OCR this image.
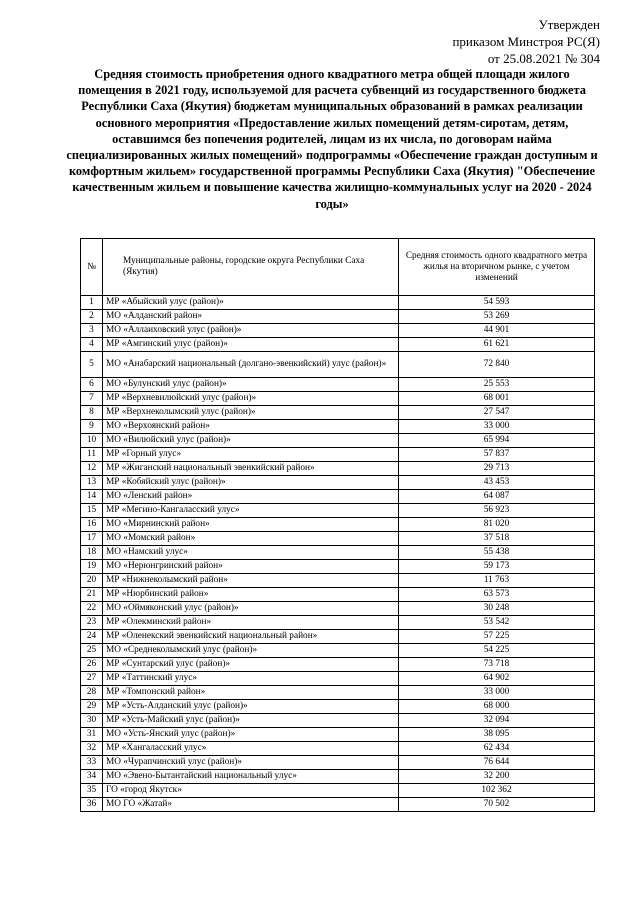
Утвержден
приказом Минстроя РС(Я)
от 25.08.2021 № 304
Средняя стоимость приобретения одного квадратного метра общей площади жилого помещения в 2021 году, используемой для расчета субвенций из государственного бюджета Республики Саха (Якутия) бюджетам муниципальных образований в рамках реализации основного мероприятия «Предоставление жилых помещений детям-сиротам, детям, оставшимся без попечения родителей, лицам из их числа, по договорам найма специализированных жилых помещений» подпрограммы «Обеспечение граждан доступным и комфортным жильем» государственной программы Республики Саха (Якутия) "Обеспечение качественным жильем и повышение качества жилищно-коммунальных услуг на 2020 - 2024 годы»
№	Муниципальные районы, городские округа Республики Саха (Якутия)	Средняя стоимость одного квадратного метра жилья на вторичном рынке, с учетом изменений
1	МР «Абыйский улус (район)»	54 593
2	МО «Алданский район»	53 269
3	МО «Аллаиховский улус (район)»	44 901
4	МР «Амгинский улус (район)»	61 621
5	МО «Анабарский национальный (долгано-эвенкийский) улус (район)»	72 840
6	МО «Булунский улус (район)»	25 553
7	МР «Верхневилюйский улус (район)»	68 001
8	МР «Верхнеколымский улус (район)»	27 547
9	МО «Верхоянский район»	33 000
10	МО «Вилюйский улус (район)»	65 994
11	МР «Горный улус»	57 837
12	МР «Жиганский национальный эвенкийский район»	29 713
13	МР «Кобяйский улус (район)»	43 453
14	МО «Ленский район»	64 087
15	МР «Мегино-Кангаласский улус»	56 923
16	МО «Мирнинский район»	81 020
17	МО «Момский район»	37 518
18	МО «Намский улус»	55 438
19	МО «Нерюнгринский район»	59 173
20	МР «Нижнеколымский район»	11 763
21	МР «Нюрбинский район»	63 573
22	МО «Оймяконский улус (район)»	30 248
23	МР «Олекминский район»	53 542
24	МР «Оленекский эвенкийский национальный район»	57 225
25	МО «Среднеколымский улус (район)»	54 225
26	МР «Сунтарский улус (район)»	73 718
27	МР «Таттинский улус»	64 902
28	МР «Томпонский район»	33 000
29	МР «Усть-Алданский улус (район)»	68 000
30	МР «Усть-Майский улус (район)»	32 094
31	МО «Усть-Янский улус (район)»	38 095
32	МР «Хангаласский улус»	62 434
33	МО «Чурапчинский улус (район)»	76 644
34	МО «Эвено-Бытантайский национальный улус»	32 200
35	ГО «город Якутск»	102 362
36	МО ГО «Жатай»	70 502
